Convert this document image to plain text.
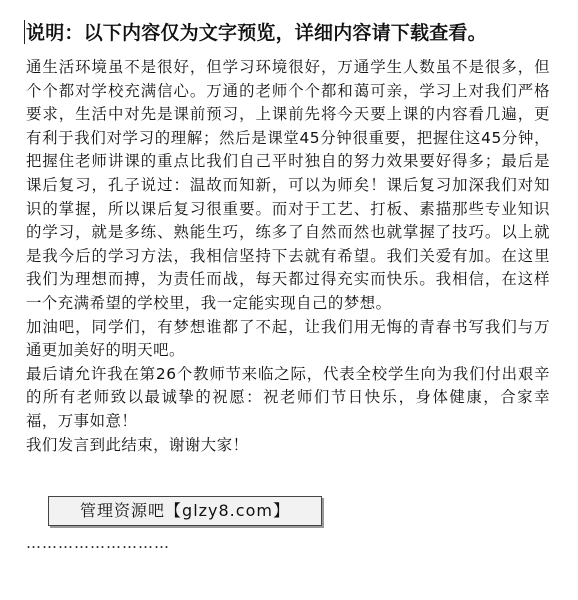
说明：以下内容仅为文字预览，详细内容请下载查看。

通生活环境虽不是很好，但学习环境很好，万通学生人数虽不是很多，但个个都对学校充满信心。万通的老师个个都和蔼可亲，学习上对我们严格要求，生活中对先是课前预习，上课前先将今天要上课的内容看几遍，更有利于我们对学习的理解；然后是课堂45分钟很重要，把握住这45分钟，把握住老师讲课的重点比我们自己平时独自的努力效果要好得多；最后是课后复习，孔子说过：温故而知新，可以为师矣！课后复习加深我们对知识的掌握，所以课后复习很重要。而对于工艺、打板、素描那些专业知识的学习，就是多练、熟能生巧，练多了自然而然也就掌握了技巧。以上就是我今后的学习方法，我相信坚持下去就有希望。我们关爱有加。在这里我们为理想而搏，为责任而战，每天都过得充实而快乐。我相信，在这样一个充满希望的学校里，我一定能实现自己的梦想。

加油吧，同学们，有梦想谁都了不起，让我们用无悔的青春书写我们与万通更加美好的明天吧。

最后请允许我在第26个教师节来临之际，代表全校学生向为我们付出艰辛的所有老师致以最诚挚的祝愿：祝老师们节日快乐，身体健康，合家幸福，万事如意！

我们发言到此结束，谢谢大家！

管理资源吧【glzy8.com】
………………………
